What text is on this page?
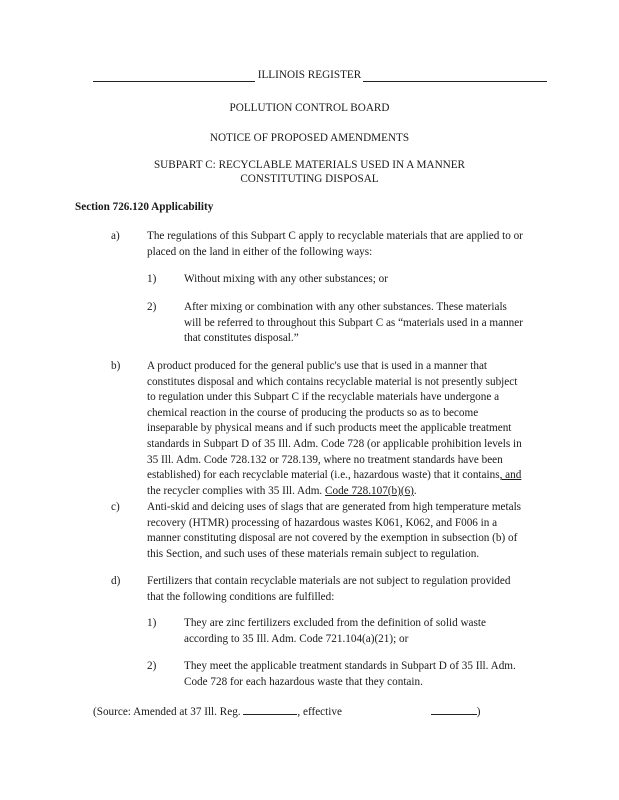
ILLINOIS REGISTER
POLLUTION CONTROL BOARD
NOTICE OF PROPOSED AMENDMENTS
SUBPART C: RECYCLABLE MATERIALS USED IN A MANNER
CONSTITUTING DISPOSAL
Section 726.120 Applicability
a) The regulations of this Subpart C apply to recyclable materials that are applied to or
placed on the land in either of the following ways:
1) Without mixing with any other substances; or
2) After mixing or combination with any other substances. These materials
will be referred to throughout this Subpart C as “materials used in a manner
that constitutes disposal.”
b) A product produced for the general public's use that is used in a manner that
constitutes disposal and which contains recyclable material is not presently subject
to regulation under this Subpart C if the recyclable materials have undergone a
chemical reaction in the course of producing the products so as to become
inseparable by physical means and if such products meet the applicable treatment
standards in Subpart D of 35 Ill. Adm. Code 728 (or applicable prohibition levels in
35 Ill. Adm. Code 728.132 or 728.139, where no treatment standards have been
established) for each recyclable material (i.e., hazardous waste) that it contains, and
the recycler complies with 35 Ill. Adm. Code 728.107(b)(6).
c) Anti-skid and deicing uses of slags that are generated from high temperature metals
recovery (HTMR) processing of hazardous wastes K061, K062, and F006 in a
manner constituting disposal are not covered by the exemption in subsection (b) of
this Section, and such uses of these materials remain subject to regulation.
d) Fertilizers that contain recyclable materials are not subject to regulation provided
that the following conditions are fulfilled:
1) They are zinc fertilizers excluded from the definition of solid waste
according to 35 Ill. Adm. Code 721.104(a)(21); or
2) They meet the applicable treatment standards in Subpart D of 35 Ill. Adm.
Code 728 for each hazardous waste that they contain.
(Source: Amended at 37 Ill. Reg.	, effective	)
